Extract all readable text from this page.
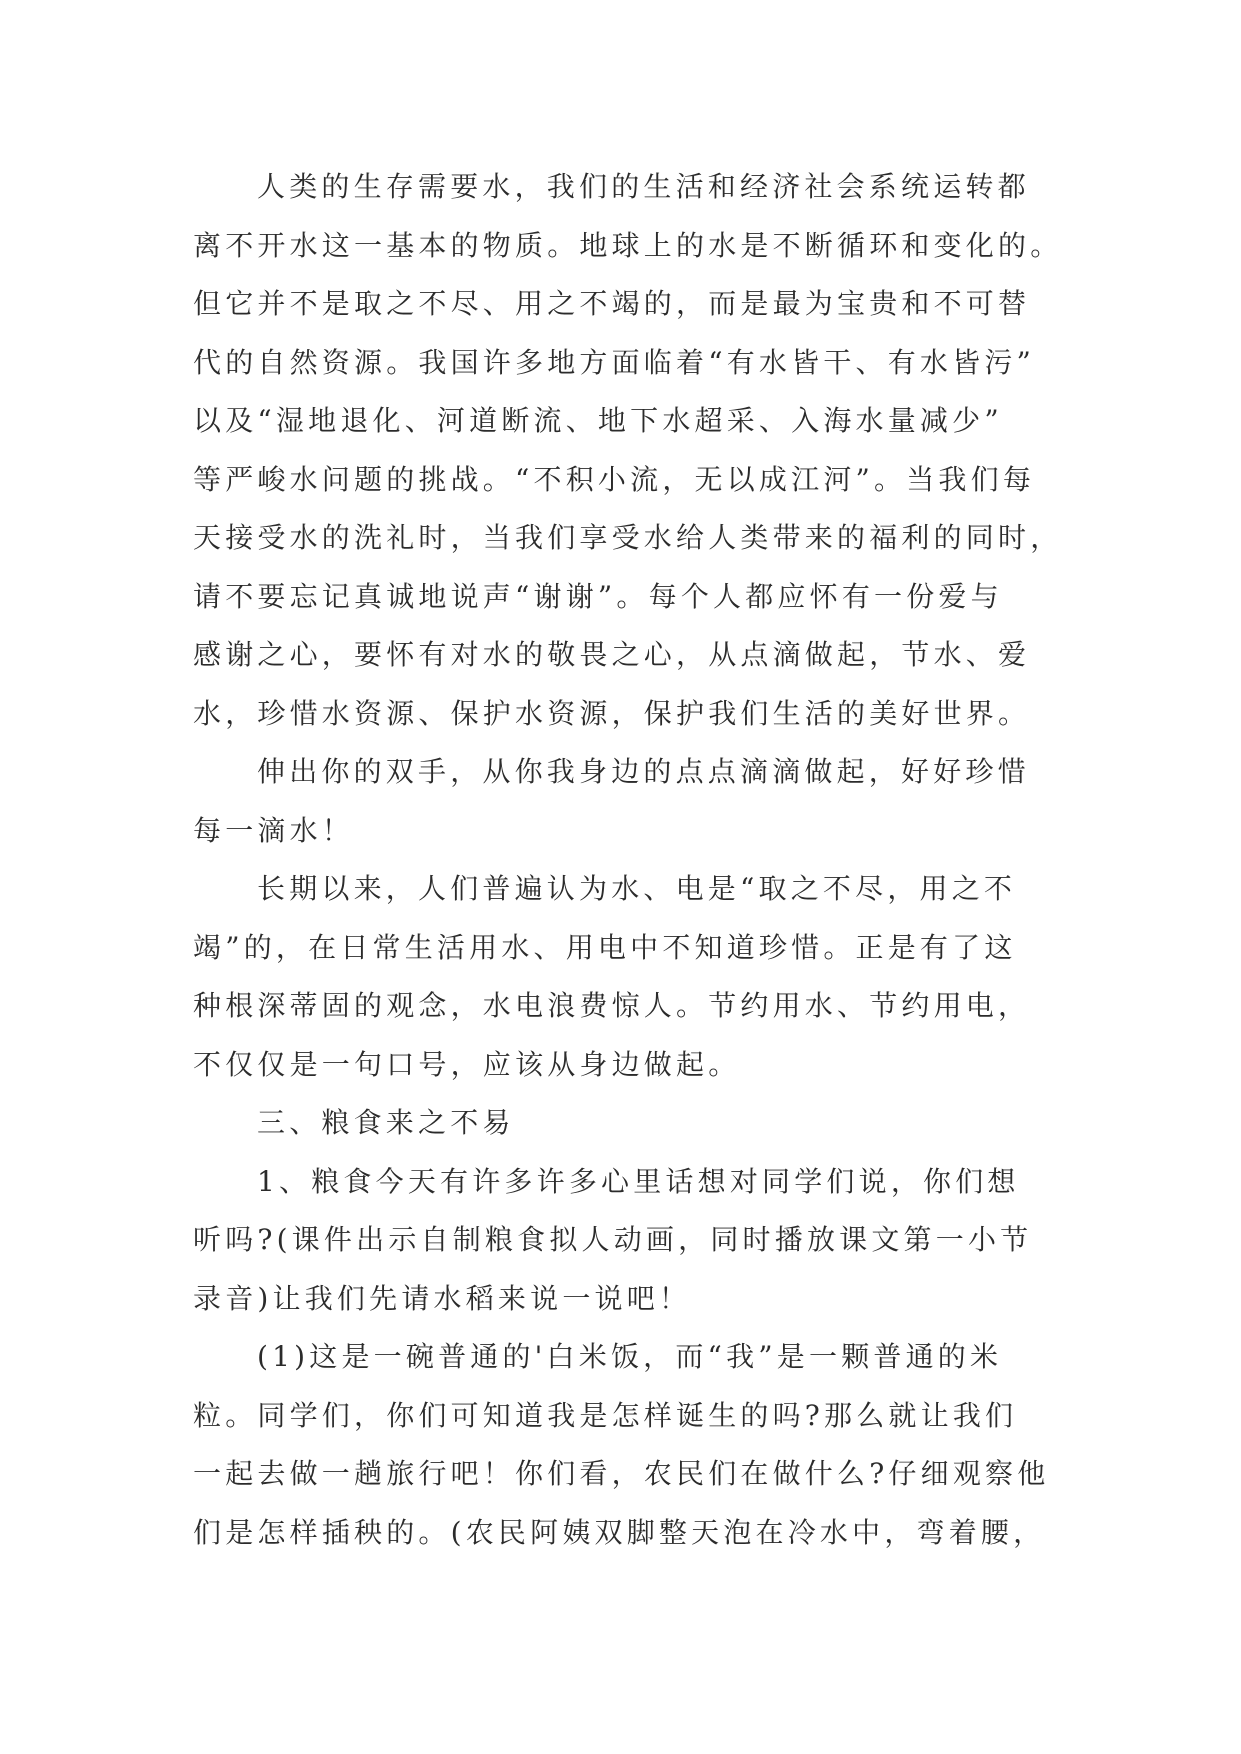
人类的生存需要水，我们的生活和经济社会系统运转都
离不开水这一基本的物质。地球上的水是不断循环和变化的。
但它并不是取之不尽、用之不竭的，而是最为宝贵和不可替
代的自然资源。我国许多地方面临着“有水皆干、有水皆污”
以及“湿地退化、河道断流、地下水超采、入海水量减少”
等严峻水问题的挑战。“不积小流，无以成江河”。当我们每
天接受水的洗礼时，当我们享受水给人类带来的福利的同时，
请不要忘记真诚地说声“谢谢”。每个人都应怀有一份爱与
感谢之心，要怀有对水的敬畏之心，从点滴做起，节水、爱
水，珍惜水资源、保护水资源，保护我们生活的美好世界。
伸出你的双手，从你我身边的点点滴滴做起，好好珍惜
每一滴水！
长期以来，人们普遍认为水、电是“取之不尽，用之不
竭”的，在日常生活用水、用电中不知道珍惜。正是有了这
种根深蒂固的观念，水电浪费惊人。节约用水、节约用电，
不仅仅是一句口号，应该从身边做起。
三、粮食来之不易
1、粮食今天有许多许多心里话想对同学们说，你们想
听吗?(课件出示自制粮食拟人动画，同时播放课文第一小节
录音)让我们先请水稻来说一说吧！
(1)这是一碗普通的'白米饭，而“我”是一颗普通的米
粒。同学们，你们可知道我是怎样诞生的吗?那么就让我们
一起去做一趟旅行吧！你们看，农民们在做什么?仔细观察他
们是怎样插秧的。(农民阿姨双脚整天泡在冷水中，弯着腰，
